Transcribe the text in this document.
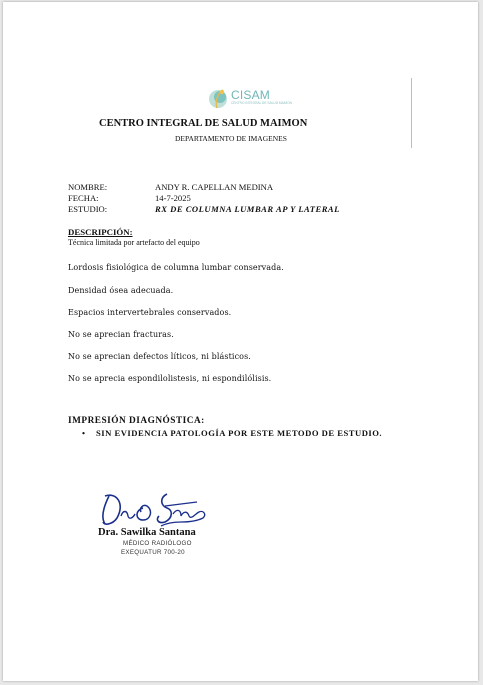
CISAM
CENTRO INTEGRAL DE SALUD MAIMON
CENTRO INTEGRAL DE SALUD MAIMON
DEPARTAMENTO DE IMAGENES
NOMBRE:	ANDY R. CAPELLAN MEDINA
FECHA:	14-7-2025
ESTUDIO:	RX DE COLUMNA LUMBAR AP Y LATERAL
DESCRIPCIÓN:
Técnica limitada por artefacto del equipo
Lordosis fisiológica de columna lumbar conservada.
Densidad ósea adecuada.
Espacios intervertebrales conservados.
No se aprecian fracturas.
No se aprecian defectos líticos, ni blásticos.
No se aprecia espondilolistesis, ni espondilólisis.
IMPRESIÓN DIAGNÓSTICA:
• SIN EVIDENCIA PATOLOGÍA POR ESTE METODO DE ESTUDIO.
Dra. Sawilka Santana
MÉDICO RADIÓLOGO
EXEQUATUR 700-20
